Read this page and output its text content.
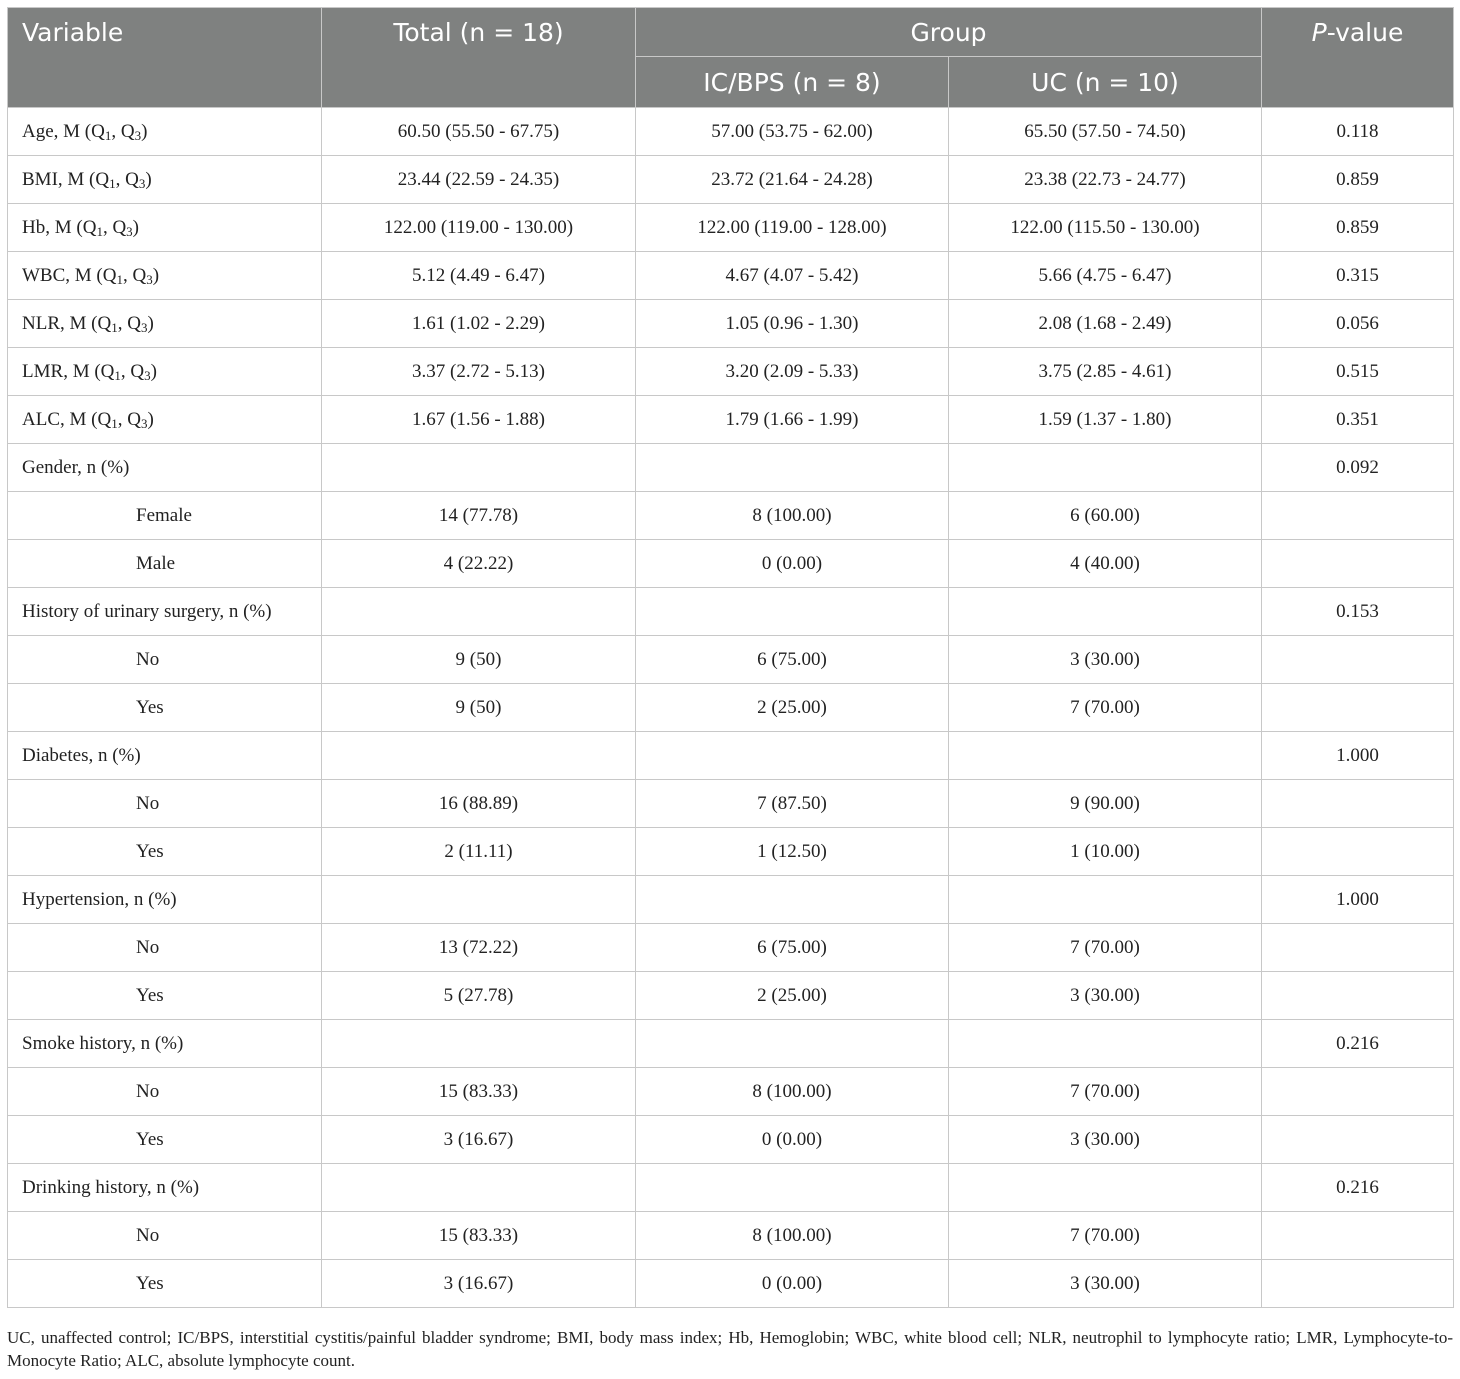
Variable	Total (n = 18)	Group		P-value
		IC/BPS (n = 8)	UC (n = 10)	
Age, M ($Q_1$, $Q_3$)	60.50 (55.50 - 67.75)	57.00 (53.75 - 62.00)	65.50 (57.50 - 74.50)	0.118
BMI, M ($Q_1$, $Q_3$)	23.44 (22.59 - 24.35)	23.72 (21.64 - 24.28)	23.38 (22.73 - 24.77)	0.859
Hb, M ($Q_1$, $Q_3$)	122.00 (119.00 - 130.00)	122.00 (119.00 - 128.00)	122.00 (115.50 - 130.00)	0.859
WBC, M ($Q_1$, $Q_3$)	5.12 (4.49 - 6.47)	4.67 (4.07 - 5.42)	5.66 (4.75 - 6.47)	0.315
NLR, M ($Q_1$, $Q_3$)	1.61 (1.02 - 2.29)	1.05 (0.96 - 1.30)	2.08 (1.68 - 2.49)	0.056
LMR, M ($Q_1$, $Q_3$)	3.37 (2.72 - 5.13)	3.20 (2.09 - 5.33)	3.75 (2.85 - 4.61)	0.515
ALC, M ($Q_1$, $Q_3$)	1.67 (1.56 - 1.88)	1.79 (1.66 - 1.99)	1.59 (1.37 - 1.80)	0.351
Gender, n (%)				0.092
Female	14 (77.78)	8 (100.00)	6 (60.00)	
Male	4 (22.22)	0 (0.00)	4 (40.00)	
History of urinary surgery, n (%)				0.153
No	9 (50)	6 (75.00)	3 (30.00)	
Yes	9 (50)	2 (25.00)	7 (70.00)	
Diabetes, n (%)				1.000
No	16 (88.89)	7 (87.50)	9 (90.00)	
Yes	2 (11.11)	1 (12.50)	1 (10.00)	
Hypertension, n (%)				1.000
No	13 (72.22)	6 (75.00)	7 (70.00)	
Yes	5 (27.78)	2 (25.00)	3 (30.00)	
Smoke history, n (%)				0.216
No	15 (83.33)	8 (100.00)	7 (70.00)	
Yes	3 (16.67)	0 (0.00)	3 (30.00)	
Drinking history, n (%)				0.216
No	15 (83.33)	8 (100.00)	7 (70.00)	
Yes	3 (16.67)	0 (0.00)	3 (30.00)	
UC, unaffected control; IC/BPS, interstitial cystitis/painful bladder syndrome; BMI, body mass index; Hb, Hemoglobin; WBC, white blood cell; NLR, neutrophil to lymphocyte ratio; LMR, Lymphocyte-to-Monocyte Ratio; ALC, absolute lymphocyte count.
